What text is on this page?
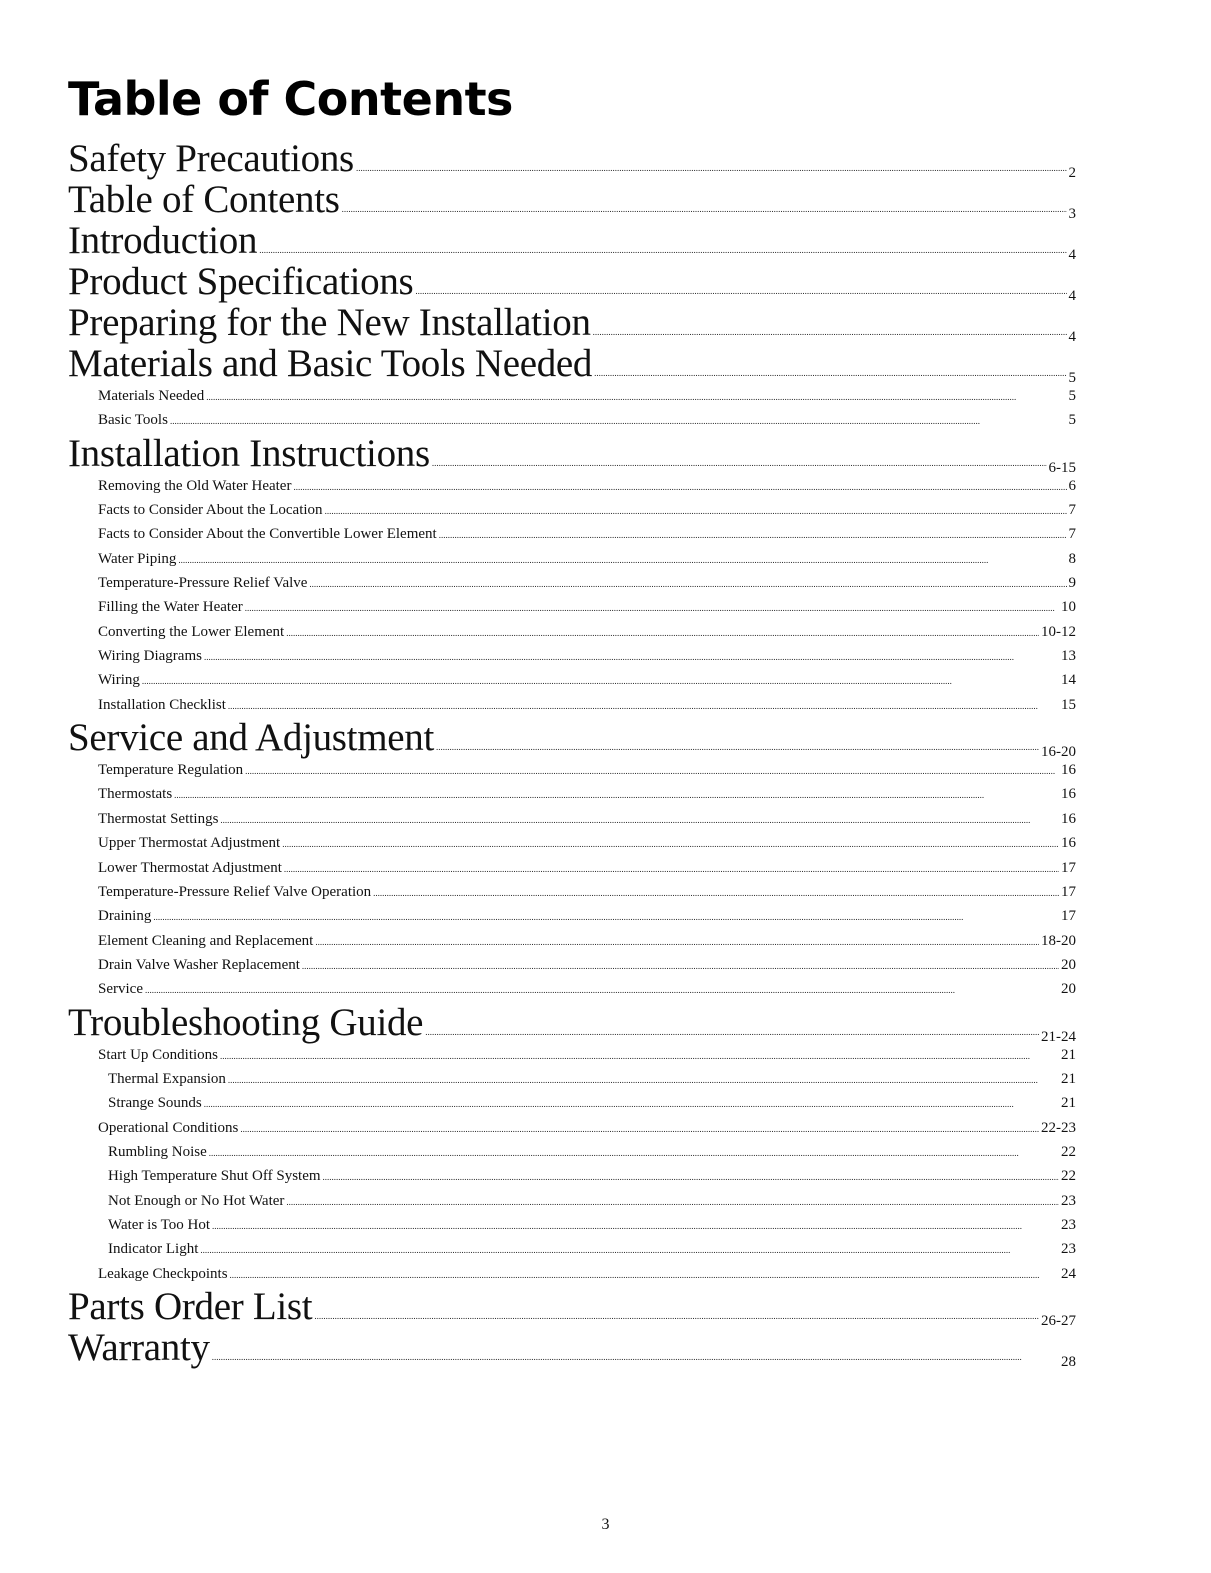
Table of Contents
Safety Precautions .....	2
Table of Contents .....	3
Introduction .....	4
Product Specifications .....	4
Preparing for the New Installation .....	4
Materials and Basic Tools Needed .....	5
Materials Needed .....	5
Basic Tools .....	5
Installation Instructions .....	6-15
Removing the Old Water Heater .....	6
Facts to Consider About the Location .....	7
Facts to Consider About the Convertible Lower Element .....	7
Water Piping .....	8
Temperature-Pressure Relief Valve .....	9
Filling the Water Heater .....	10
Converting the Lower Element .....	10-12
Wiring Diagrams .....	13
Wiring .....	14
Installation Checklist .....	15
Service and Adjustment .....	16-20
Temperature Regulation .....	16
Thermostats .....	16
Thermostat Settings .....	16
Upper Thermostat Adjustment .....	16
Lower Thermostat Adjustment .....	17
Temperature-Pressure Relief Valve Operation .....	17
Draining .....	17
Element Cleaning and Replacement .....	18-20
Drain Valve Washer Replacement .....	20
Service .....	20
Troubleshooting Guide .....	21-24
Start Up Conditions .....	21
Thermal Expansion .....	21
Strange Sounds .....	21
Operational Conditions .....	22-23
Rumbling Noise .....	22
High Temperature Shut Off System .....	22
Not Enough or No Hot Water .....	23
Water is Too Hot .....	23
Indicator Light .....	23
Leakage Checkpoints .....	24
Parts Order List .....	26-27
Warranty .....	28
3
